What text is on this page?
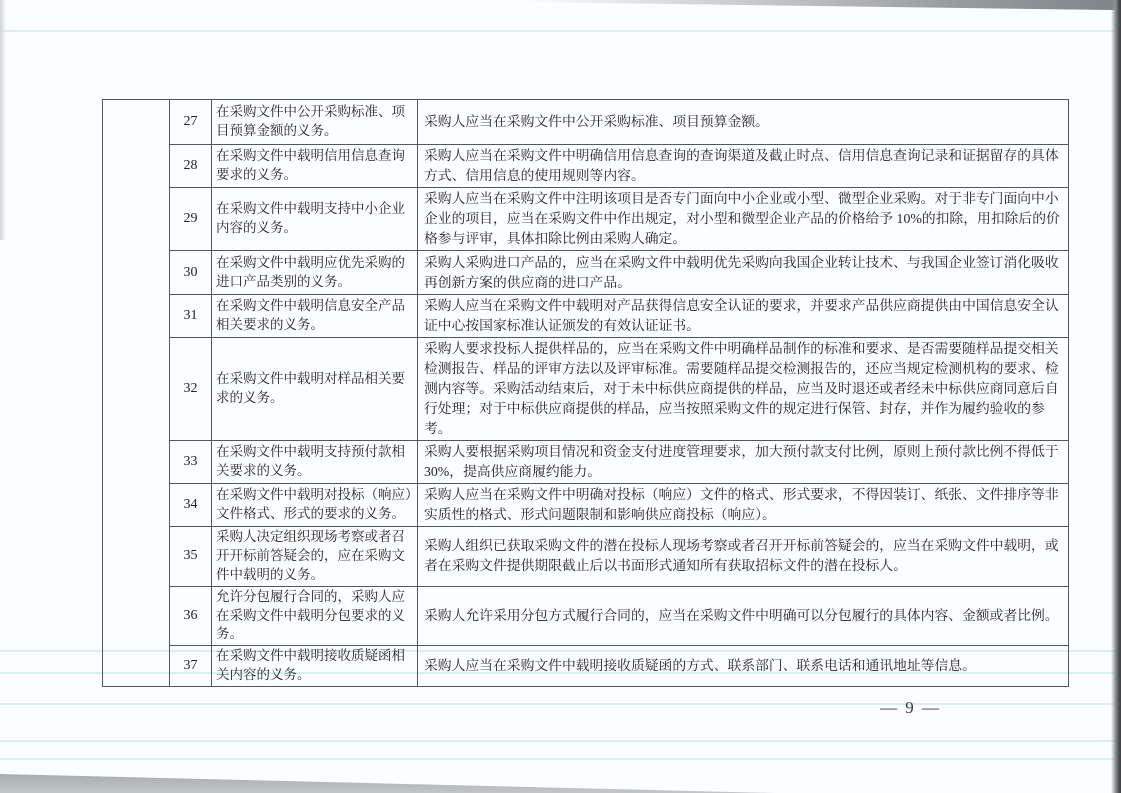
	27	在采购文件中公开采购标准、项目预算金额的义务。	采购人应当在采购文件中公开采购标准、项目预算金额。
	28	在采购文件中载明信用信息查询要求的义务。	采购人应当在采购文件中明确信用信息查询的查询渠道及截止时点、信用信息查询记录和证据留存的具体方式、信用信息的使用规则等内容。
	29	在采购文件中载明支持中小企业内容的义务。	采购人应当在采购文件中注明该项目是否专门面向中小企业或小型、微型企业采购。对于非专门面向中小企业的项目，应当在采购文件中作出规定，对小型和微型企业产品的价格给予 10%的扣除，用扣除后的价格参与评审，具体扣除比例由采购人确定。
	30	在采购文件中载明应优先采购的进口产品类别的义务。	采购人采购进口产品的，应当在采购文件中载明优先采购向我国企业转让技术、与我国企业签订消化吸收再创新方案的供应商的进口产品。
	31	在采购文件中载明信息安全产品相关要求的义务。	采购人应当在采购文件中载明对产品获得信息安全认证的要求，并要求产品供应商提供由中国信息安全认证中心按国家标准认证颁发的有效认证证书。
	32	在采购文件中载明对样品相关要求的义务。	采购人要求投标人提供样品的，应当在采购文件中明确样品制作的标准和要求、是否需要随样品提交相关检测报告、样品的评审方法以及评审标准。需要随样品提交检测报告的，还应当规定检测机构的要求、检测内容等。采购活动结束后，对于未中标供应商提供的样品，应当及时退还或者经未中标供应商同意后自行处理；对于中标供应商提供的样品，应当按照采购文件的规定进行保管、封存，并作为履约验收的参考。
	33	在采购文件中载明支持预付款相关要求的义务。	采购人要根据采购项目情况和资金支付进度管理要求，加大预付款支付比例，原则上预付款比例不得低于 30%，提高供应商履约能力。
	34	在采购文件中载明对投标（响应）文件格式、形式的要求的义务。	采购人应当在采购文件中明确对投标（响应）文件的格式、形式要求，不得因装订、纸张、文件排序等非实质性的格式、形式问题限制和影响供应商投标（响应）。
	35	采购人决定组织现场考察或者召开开标前答疑会的，应在采购文件中载明的义务。	采购人组织已获取采购文件的潜在投标人现场考察或者召开开标前答疑会的，应当在采购文件中载明，或者在采购文件提供期限截止后以书面形式通知所有获取招标文件的潜在投标人。
	36	允许分包履行合同的，采购人应在采购文件中载明分包要求的义务。	采购人允许采用分包方式履行合同的，应当在采购文件中明确可以分包履行的具体内容、金额或者比例。
	37	在采购文件中载明接收质疑函相关内容的义务。	采购人应当在采购文件中载明接收质疑函的方式、联系部门、联系电话和通讯地址等信息。
— 9 —
